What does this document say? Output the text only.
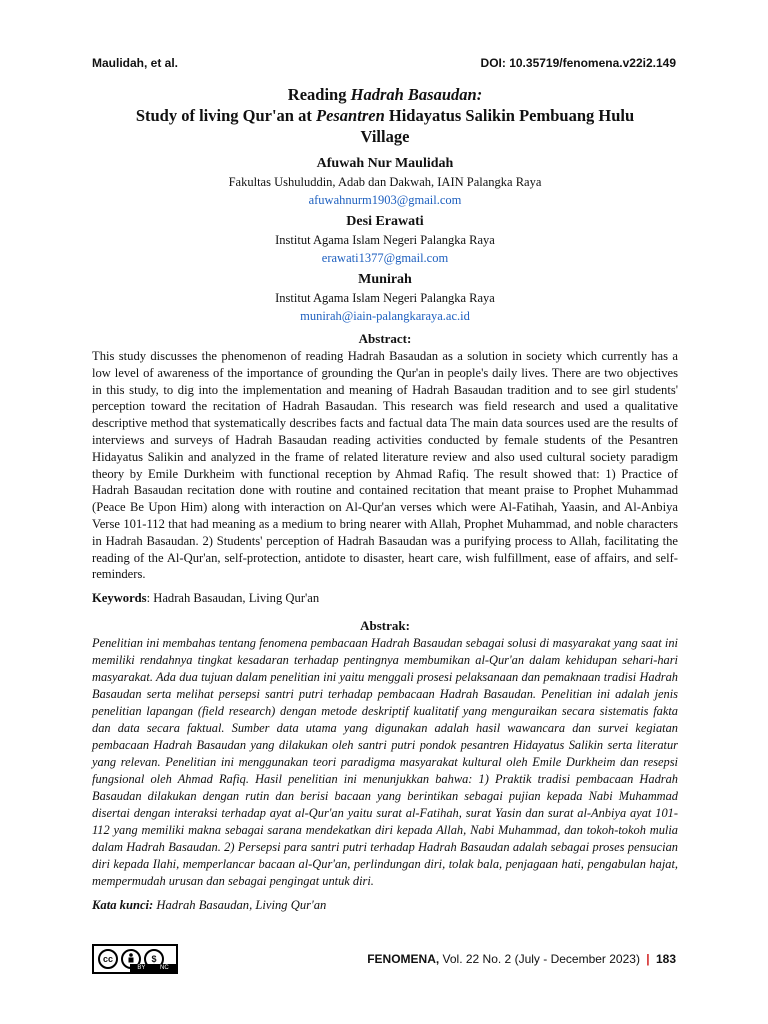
Maulidah, et al.	DOI: 10.35719/fenomena.v22i2.149
Reading Hadrah Basaudan:
Study of living Qur'an at Pesantren Hidayatus Salikin Pembuang Hulu
Village
Afuwah Nur Maulidah
Fakultas Ushuluddin, Adab dan Dakwah, IAIN Palangka Raya
afuwahnurm1903@gmail.com
Desi Erawati
Institut Agama Islam Negeri Palangka Raya
erawati1377@gmail.com
Munirah
Institut Agama Islam Negeri Palangka Raya
munirah@iain-palangkaraya.ac.id
Abstract:

This study discusses the phenomenon of reading Hadrah Basaudan as a solution in society which currently has a low level of awareness of the importance of grounding the Qur'an in people's daily lives. There are two objectives in this study, to dig into the implementation and meaning of Hadrah Basaudan tradition and to see girl students' perception toward the recitation of Hadrah Basaudan. This research was field research and used a qualitative descriptive method that systematically describes facts and factual data The main data sources used are the results of interviews and surveys of Hadrah Basaudan reading activities conducted by female students of the Pesantren Hidayatus Salikin and analyzed in the frame of related literature review and also used cultural society paradigm theory by Emile Durkheim with functional reception by Ahmad Rafiq. The result showed that: 1) Practice of Hadrah Basaudan recitation done with routine and contained recitation that meant praise to Prophet Muhammad (Peace Be Upon Him) along with interaction on Al-Qur'an verses which were Al-Fatihah, Yaasin, and Al-Anbiya Verse 101-112 that had meaning as a medium to bring nearer with Allah, Prophet Muhammad, and noble characters in Hadrah Basaudan. 2) Students' perception of Hadrah Basaudan was a purifying process to Allah, facilitating the reading of the Al-Qur'an, self-protection, antidote to disaster, heart care, wish fulfillment, ease of affairs, and self-reminders.

Keywords: Hadrah Basaudan, Living Qur'an
Abstrak:

Penelitian ini membahas tentang fenomena pembacaan Hadrah Basaudan sebagai solusi di masyarakat yang saat ini memiliki rendahnya tingkat kesadaran terhadap pentingnya membumikan al-Qur'an dalam kehidupan sehari-hari masyarakat. Ada dua tujuan dalam penelitian ini yaitu menggali prosesi pelaksanaan dan pemaknaan tradisi Hadrah Basaudan serta melihat persepsi santri putri terhadap pembacaan Hadrah Basaudan. Penelitian ini adalah jenis penelitian lapangan (field research) dengan metode deskriptif kualitatif yang menguraikan secara sistematis fakta dan data secara faktual. Sumber data utama yang digunakan adalah hasil wawancara dan survei kegiatan pembacaan Hadrah Basaudan yang dilakukan oleh santri putri pondok pesantren Hidayatus Salikin serta literatur yang relevan. Penelitian ini menggunakan teori paradigma masyarakat kultural oleh Emile Durkheim dan resepsi fungsional oleh Ahmad Rafiq. Hasil penelitian ini menunjukkan bahwa: 1) Praktik tradisi pembacaan Hadrah Basaudan dilakukan dengan rutin dan berisi bacaan yang berintikan sebagai pujian kepada Nabi Muhammad disertai dengan interaksi terhadap ayat al-Qur'an yaitu surat al-Fatihah, surat Yasin dan surat al-Anbiya ayat 101-112 yang memiliki makna sebagai sarana mendekatkan diri kepada Allah, Nabi Muhammad, dan tokoh-tokoh mulia dalam Hadrah Basaudan. 2) Persepsi para santri putri terhadap Hadrah Basaudan adalah sebagai proses pensucian diri kepada Ilahi, memperlancar bacaan al-Qur'an, perlindungan diri, tolak bala, penjagaan hati, pengabulan hajat, mempermudah urusan dan sebagai pengingat untuk diri.

Kata kunci: Hadrah Basaudan, Living Qur'an
cc	$
BY NC
FENOMENA, Vol. 22 No. 2 (July - December 2023) | 183
